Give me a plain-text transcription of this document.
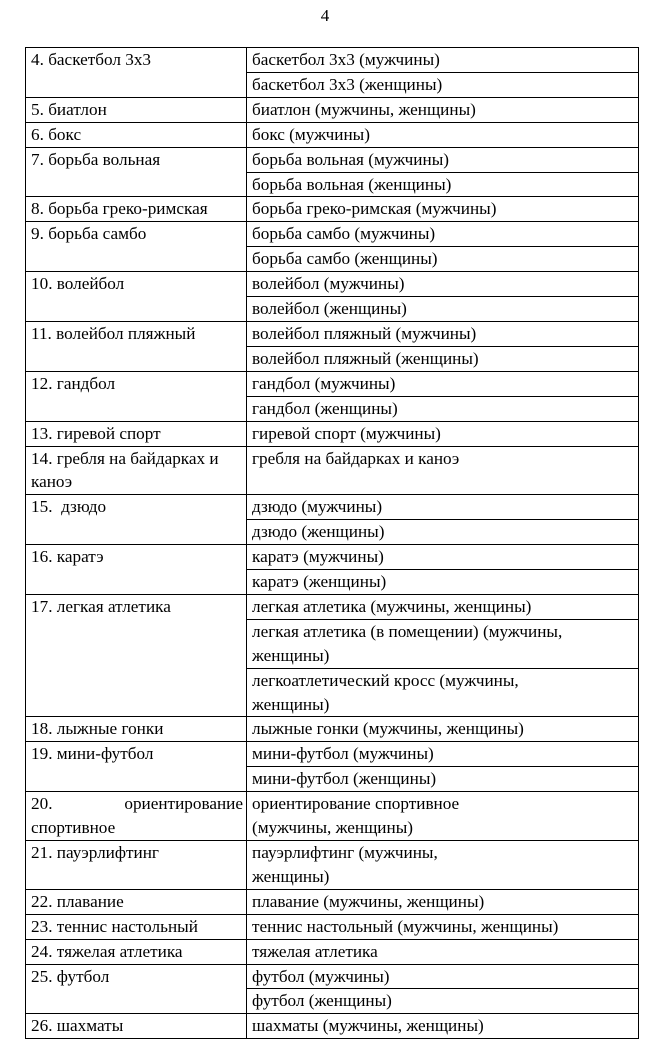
4
4. баскетбол 3х3	баскетбол 3х3 (мужчины)
	баскетбол 3х3 (женщины)
5. биатлон	биатлон (мужчины, женщины)
6. бокс	бокс (мужчины)
7. борьба вольная	борьба вольная (мужчины)
	борьба вольная (женщины)
8. борьба греко-римская	борьба греко-римская (мужчины)
9. борьба самбо	борьба самбо (мужчины)
	борьба самбо (женщины)
10. волейбол	волейбол (мужчины)
	волейбол (женщины)
11. волейбол пляжный	волейбол пляжный (мужчины)
	волейбол пляжный (женщины)
12. гандбол	гандбол (мужчины)
	гандбол (женщины)
13. гиревой спорт	гиревой спорт (мужчины)
14. гребля на байдарках и каноэ	гребля на байдарках и каноэ
15.  дзюдо	дзюдо (мужчины)
	дзюдо (женщины)
16. каратэ	каратэ (мужчины)
	каратэ (женщины)
17. легкая атлетика	легкая атлетика (мужчины, женщины)
	легкая атлетика (в помещении) (мужчины, женщины)
	легкоатлетический кросс (мужчины, женщины)
18. лыжные гонки	лыжные гонки (мужчины, женщины)
19. мини-футбол	мини-футбол (мужчины)
	мини-футбол (женщины)
20. ориентирование спортивное	ориентирование спортивное (мужчины, женщины)
21. пауэрлифтинг	пауэрлифтинг (мужчины, женщины)
22. плавание	плавание (мужчины, женщины)
23. теннис настольный	теннис настольный (мужчины, женщины)
24. тяжелая атлетика	тяжелая атлетика
25. футбол	футбол (мужчины)
	футбол (женщины)
26. шахматы	шахматы (мужчины, женщины)
